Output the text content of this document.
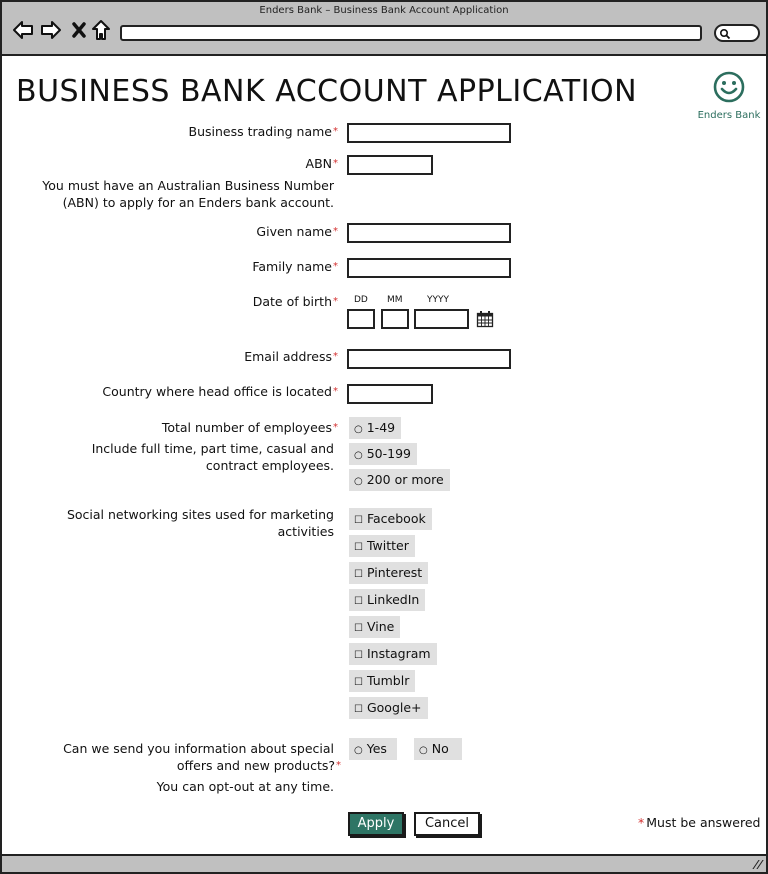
Enders Bank – Business Bank Account Application
BUSINESS BANK ACCOUNT APPLICATION
Enders Bank
Business trading name*
ABN*
You must have an Australian Business Number
(ABN) to apply for an Enders bank account.
Given name*
Family name*
Date of birth* DD MM	YYYY
Email address*
Country where head office is located*
Total number of employees*
Include full time, part time, casual and
contract employees.
○ 1-49
○ 50-199
○ 200 or more
Social networking sites used for marketing
activities
☐ Facebook
☐ Twitter
☐ Pinterest
☐ LinkedIn
☐ Vine
☐ Instagram
☐ Tumblr
☐ Google+
Can we send you information about special
offers and new products?*
You can opt-out at any time.
○ Yes	○ No
Apply	Cancel	* Must be answered
//
